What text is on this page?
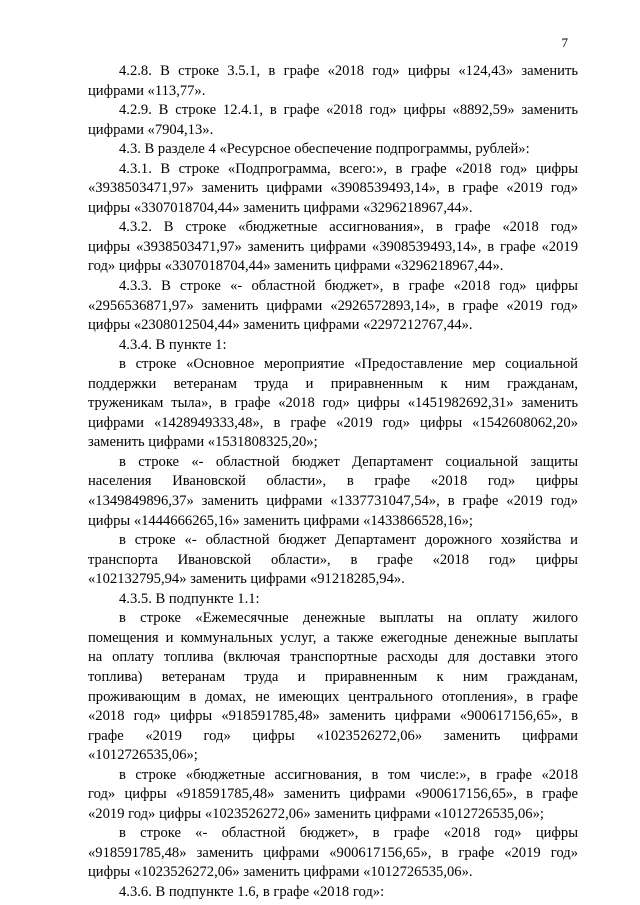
7
4.2.8. В строке 3.5.1, в графе «2018 год» цифры «124,43» заменить
цифрами «113,77».
4.2.9. В строке 12.4.1, в графе «2018 год» цифры «8892,59» заменить
цифрами «7904,13».
4.3. В разделе 4 «Ресурсное обеспечение подпрограммы, рублей»:
4.3.1. В строке «Подпрограмма, всего:», в графе «2018 год» цифры
«3938503471,97» заменить цифрами «3908539493,14», в графе «2019 год»
цифры «3307018704,44» заменить цифрами «3296218967,44».
4.3.2. В строке «бюджетные ассигнования», в графе «2018 год»
цифры «3938503471,97» заменить цифрами «3908539493,14», в графе «2019
год» цифры «3307018704,44» заменить цифрами «3296218967,44».
4.3.3. В строке «- областной бюджет», в графе «2018 год» цифры
«2956536871,97» заменить цифрами «2926572893,14», в графе «2019 год»
цифры «2308012504,44» заменить цифрами «2297212767,44».
4.3.4. В пункте 1:
в строке «Основное мероприятие «Предоставление мер социальной
поддержки ветеранам труда и приравненным к ним гражданам,
труженикам тыла», в графе «2018 год» цифры «1451982692,31» заменить
цифрами «1428949333,48», в графе «2019 год» цифры «1542608062,20»
заменить цифрами «1531808325,20»;
в строке «- областной бюджет Департамент социальной защиты
населения Ивановской области», в графе «2018 год» цифры
«1349849896,37» заменить цифрами «1337731047,54», в графе «2019 год»
цифры «1444666265,16» заменить цифрами «1433866528,16»;
в строке «- областной бюджет Департамент дорожного хозяйства и
транспорта Ивановской области», в графе «2018 год» цифры
«102132795,94» заменить цифрами «91218285,94».
4.3.5. В подпункте 1.1:
в строке «Ежемесячные денежные выплаты на оплату жилого
помещения и коммунальных услуг, а также ежегодные денежные выплаты
на оплату топлива (включая транспортные расходы для доставки этого
топлива) ветеранам труда и приравненным к ним гражданам,
проживающим в домах, не имеющих центрального отопления», в графе
«2018 год» цифры «918591785,48» заменить цифрами «900617156,65», в
графе «2019 год» цифры «1023526272,06» заменить цифрами
«1012726535,06»;
в строке «бюджетные ассигнования, в том числе:», в графе «2018
год» цифры «918591785,48» заменить цифрами «900617156,65», в графе
«2019 год» цифры «1023526272,06» заменить цифрами «1012726535,06»;
в строке «- областной бюджет», в графе «2018 год» цифры
«918591785,48» заменить цифрами «900617156,65», в графе «2019 год»
цифры «1023526272,06» заменить цифрами «1012726535,06».
4.3.6. В подпункте 1.6, в графе «2018 год»:
